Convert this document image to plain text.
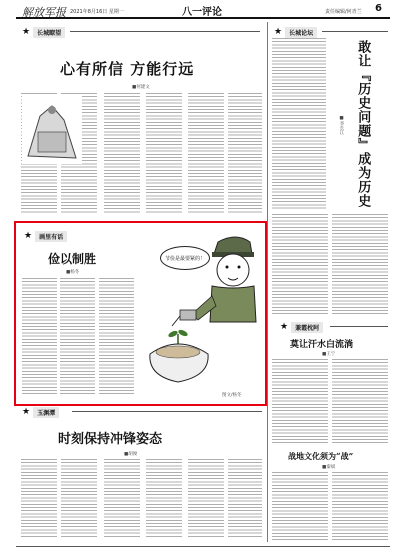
解放军报 2021年8月16日 星期一	八一评论	责任编辑/何青兰 6
★	长城瞭望
心有所信 方能行远
■何建文
★	画里有话
俭以制胜
■杨冬
节俭是最要紧的！
图文/杨冬
★	玉渊潭
时刻保持冲锋姿态
■胡俊
★	长城论坛
敢让『历史问题』成为历史
■李长江
★	兼霞枕阿
莫让汗水白流淌
■王宁
战地文化须为“战”
■秦斌
